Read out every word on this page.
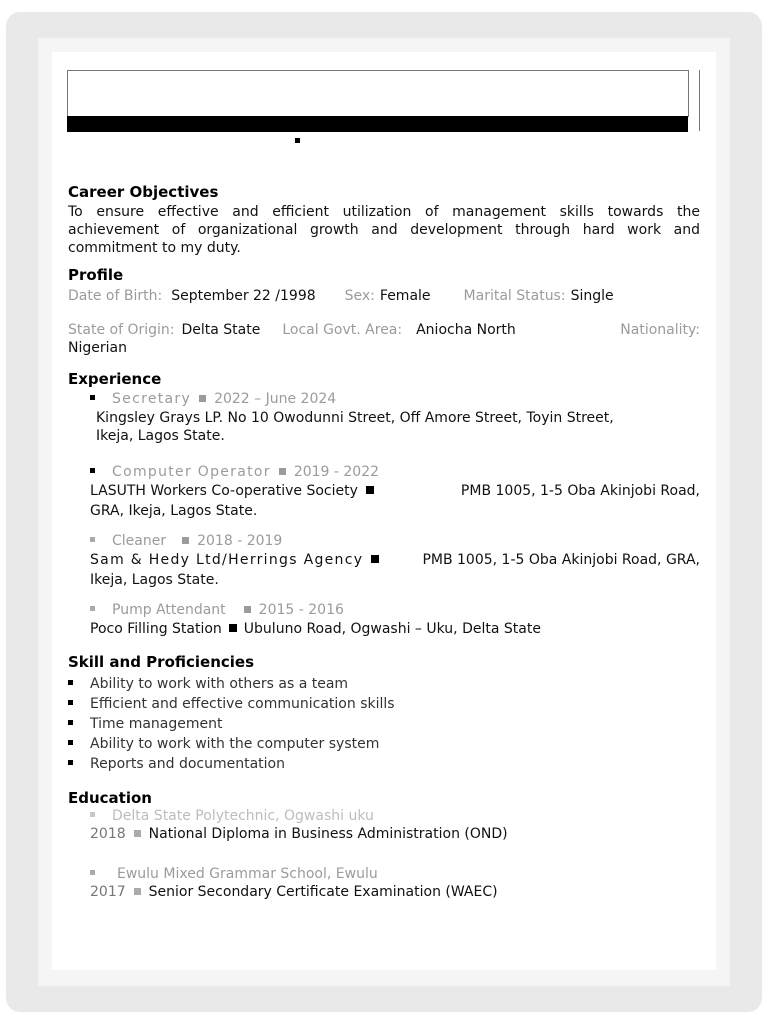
Career Objectives

To ensure effective and efficient utilization of management skills towards the achievement of organizational growth and development through hard work and commitment to my duty.

Profile
Date of Birth: September 22 /1998 Sex: Female Marital Status: Single
State of Origin: Delta State Local Govt. Area: Aniocha North	Nationality:
Nigerian
Experience
Secretary 2022 – June 2024
Kingsley Grays LP. No 10 Owodunni Street, Off Amore Street, Toyin Street,
Ikeja, Lagos State.
Computer Operator 2019 - 2022
LASUTH Workers Co-operative Society	PMB 1005, 1-5 Oba Akinjobi Road,
GRA, Ikeja, Lagos State.
Cleaner 2018 - 2019
Sam & Hedy Ltd/Herrings Agency	PMB 1005, 1-5 Oba Akinjobi Road, GRA,
Ikeja, Lagos State.
Pump Attendant 2015 - 2016
Poco Filling Station Ubuluno Road, Ogwashi – Uku, Delta State
Skill and Proficiencies
Ability to work with others as a team
Efficient and effective communication skills
Time management
Ability to work with the computer system
Reports and documentation
Education
Delta State Polytechnic, Ogwashi uku
2018 National Diploma in Business Administration (OND)
Ewulu Mixed Grammar School, Ewulu
2017 Senior Secondary Certificate Examination (WAEC)
